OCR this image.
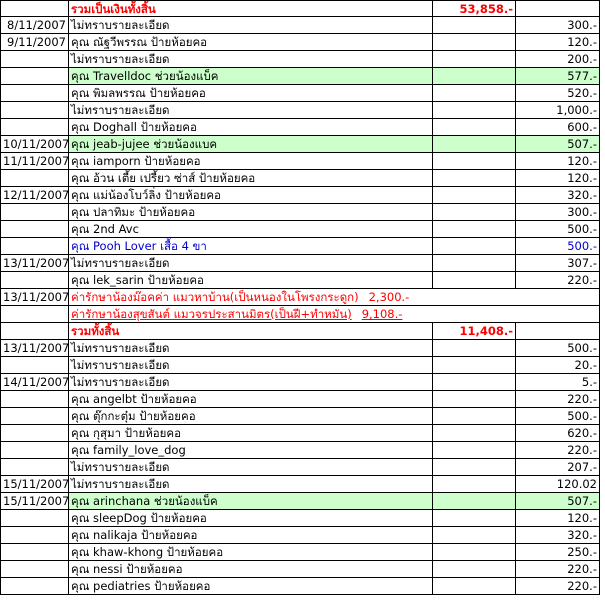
รวมเป็นเงินทั้งสิ้น	53,858.-
8/11/2007 ไม่ทราบรายละเอียด	300.-
9/11/2007 คุณ ณัฐวีพรรณ ป้ายห้อยคอ	120.-
ไม่ทราบรายละเอียด	200.-
คุณ Travelldoc ช่วยน้องแบ็ค	577.-
คุณ พิมลพรรณ ป้ายห้อยคอ	520.-
ไม่ทราบรายละเอียด	1,000.-
คุณ Doghall ป้ายห้อยคอ	600.-
10/11/2007 คุณ jeab-jujee ช่วยน้องแบค	507.-
11/11/2007 คุณ iamporn ป้ายห้อยคอ	120.-
คุณ อ้วน เตี้ย เปรี้ยว ซ่าส์ ป้ายห้อยคอ	120.-
12/11/2007 คุณ แม่น้องโบว์ลิ่ง ป้ายห้อยคอ	320.-
คุณ ปลาทิมะ ป้ายห้อยคอ	300.-
คุณ 2nd Avc	500.-
คุณ Pooh Lover เสื้อ 4 ขา	500.-
13/11/2007 ไม่ทราบรายละเอียด	307.-
คุณ lek_sarin ป้ายห้อยคอ	220.-
13/11/2007 ค่ารักษาน้องม๊อคค่า แมวหาบ้าน(เป็นหนองในโพรงกระดูก) 2,300.-
ค่ารักษาน้องสุขสันต์ แมวจรประสานมิตร(เป็นฝี+ทำหมัน) 9,108.-
รวมทั้งสิ้น	11,408.-
13/11/2007 ไม่ทราบรายละเอียด	500.-
ไม่ทราบรายละเอียด	20.-
14/11/2007 ไม่ทราบรายละเอียด	5.-
คุณ angelbt ป้ายห้อยคอ	220.-
คุณ ตุ๊กกะตุ๋ม ป้ายห้อยคอ	500.-
คุณ กุสุมา ป้ายห้อยคอ	620.-
คุณ family_love_dog	220.-
ไม่ทราบรายละเอียด	207.-
15/11/2007 ไม่ทราบรายละเอียด	120.02
15/11/2007 คุณ arinchana ช่วยน้องแบ็ค	507.-
คุณ sleepDog ป้ายห้อยคอ	120.-
คุณ nalikaja ป้ายห้อยคอ	320.-
คุณ khaw-khong ป้ายห้อยคอ	250.-
คุณ nessi ป้ายห้อยคอ	220.-
คุณ pediatries ป้ายห้อยคอ	220.-
